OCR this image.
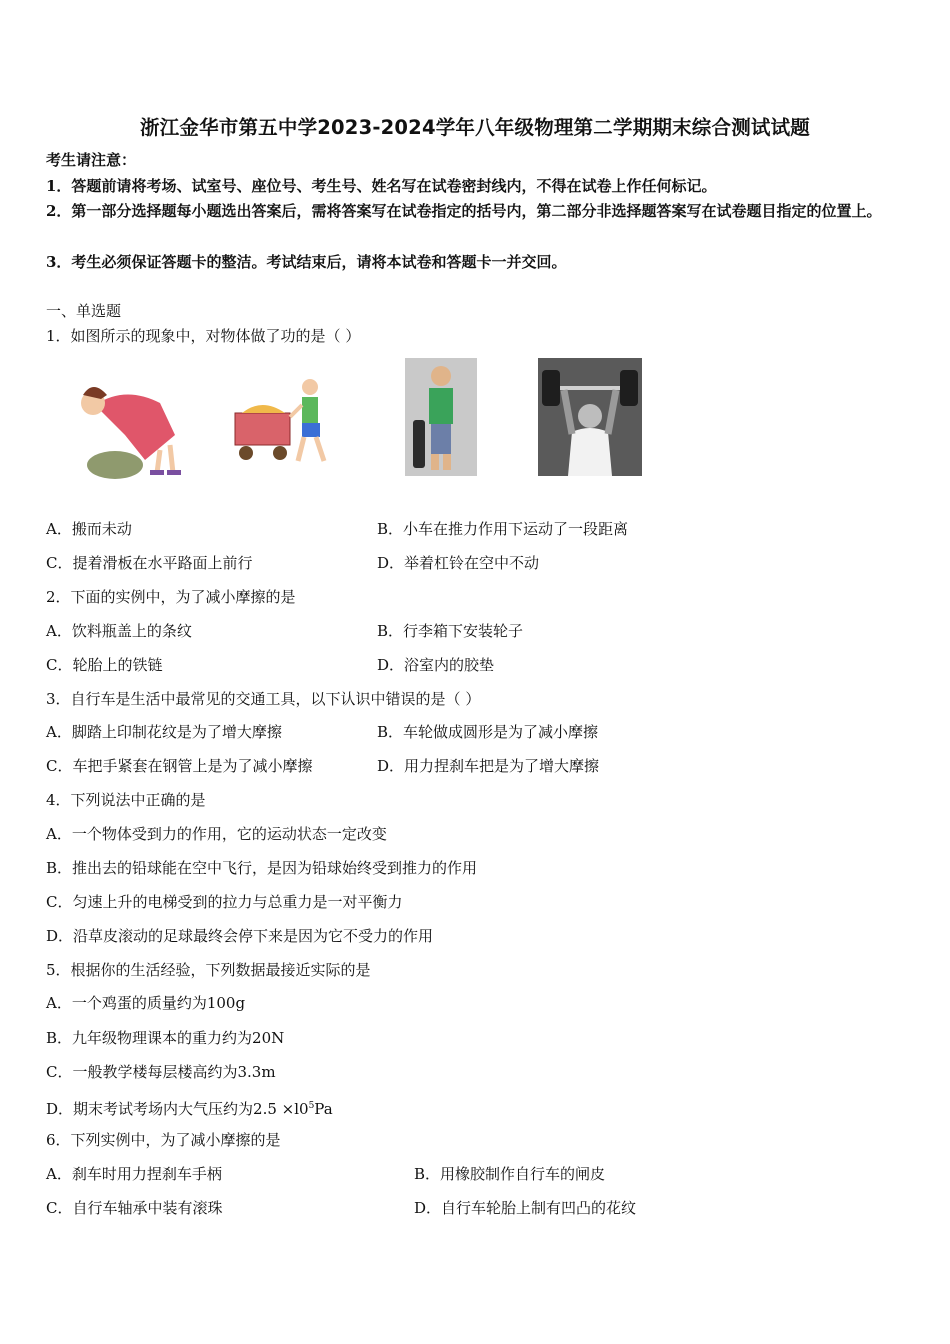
浙江金华市第五中学2023-2024学年八年级物理第二学期期末综合测试试题
考生请注意：
1．答题前请将考场、试室号、座位号、考生号、姓名写在试卷密封线内，不得在试卷上作任何标记。
2．第一部分选择题每小题选出答案后，需将答案写在试卷指定的括号内，第二部分非选择题答案写在试卷题目指定的位置上。
3．考生必须保证答题卡的整洁。考试结束后，请将本试卷和答题卡一并交回。
一、单选题
1．如图所示的现象中，对物体做了功的是（ ）
A．搬而未动	B．小车在推力作用下运动了一段距离
C．提着滑板在水平路面上前行	D．举着杠铃在空中不动
2．下面的实例中，为了减小摩擦的是
A．饮料瓶盖上的条纹	B．行李箱下安装轮子
C．轮胎上的铁链	D．浴室内的胶垫
3．自行车是生活中最常见的交通工具，以下认识中错误的是（ ）
A．脚踏上印制花纹是为了增大摩擦	B．车轮做成圆形是为了减小摩擦
C．车把手紧套在钢管上是为了减小摩擦	D．用力捏刹车把是为了增大摩擦
4．下列说法中正确的是
A．一个物体受到力的作用，它的运动状态一定改变
B．推出去的铅球能在空中飞行，是因为铅球始终受到推力的作用
C．匀速上升的电梯受到的拉力与总重力是一对平衡力
D．沿草皮滚动的足球最终会停下来是因为它不受力的作用
5．根据你的生活经验，下列数据最接近实际的是
A．一个鸡蛋的质量约为100g
B．九年级物理课本的重力约为20N
C．一般教学楼每层楼高约为3.3m
D．期末考试考场内大气压约为$2.5 \times l0^5Pa$
6．下列实例中，为了减小摩擦的是
A．刹车时用力捏刹车手柄	B．用橡胶制作自行车的闸皮
C．自行车轴承中装有滚珠	D．自行车轮胎上制有凹凸的花纹
